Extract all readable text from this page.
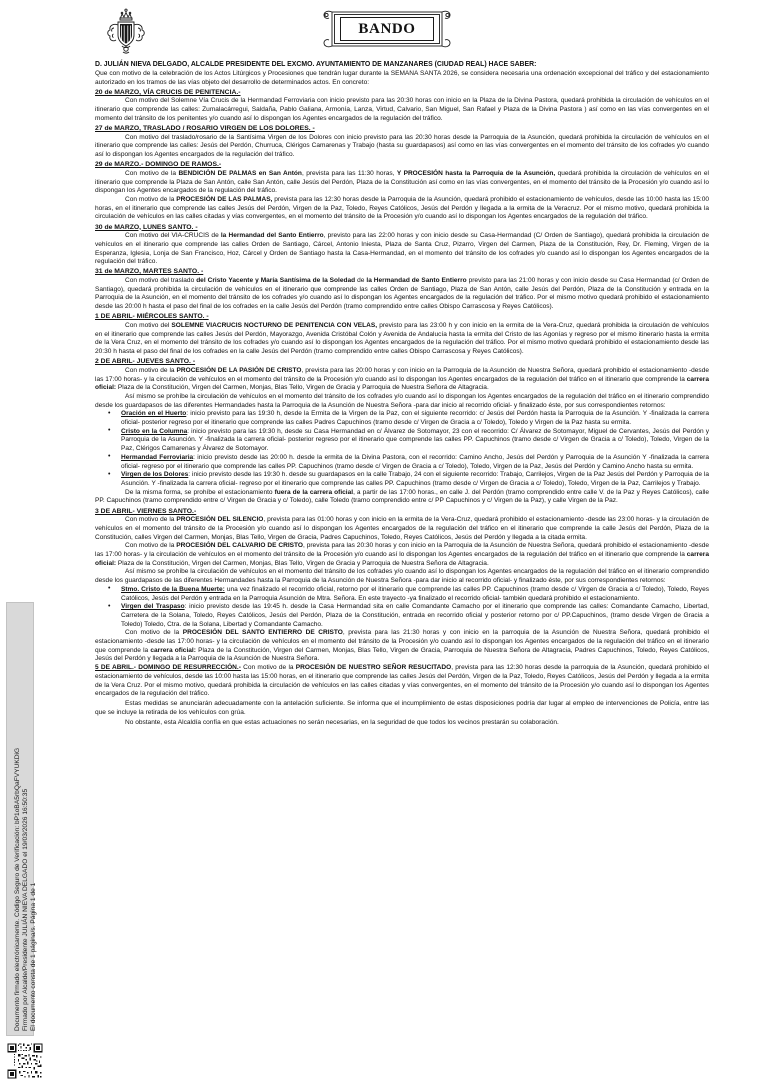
Documento firmado electrónicamente. Código Seguro de Verificación: bP1oBA5rbQaFVYUKDiG Firmado por Alcalde/Presidente JULIÁN NIEVA DELGADO el 19/03/2026 16:50:35 El documento consta de 1 página/s. Página 1 de 1
BANDO

D. JULIÁN NIEVA DELGADO, ALCALDE PRESIDENTE DEL EXCMO. AYUNTAMIENTO DE MANZANARES (CIUDAD REAL) HACE SABER:

Que con motivo de la celebración de los Actos Litúrgicos y Procesiones que tendrán lugar durante la SEMANA SANTA 2026, se considera necesaria una ordenación excepcional del tráfico y del estacionamiento autorizado en los tramos de las vías objeto del desarrollo de determinados actos. En concreto:

20 de MARZO, VÍA CRUCIS DE PENITENCIA.-

Con motivo del Solemne Vía Crucis de la Hermandad Ferroviaria con inicio previsto para las 20:30 horas con inicio en la Plaza de la Divina Pastora, quedará prohibida la circulación de vehículos en el itinerario que comprende las calles: Zumalacárregui, Saldaña, Pablo Galiana, Armonía, Lanza, Virtud, Calvario, San Miguel, San Rafael y Plaza de la Divina Pastora ) así como en las vías convergentes en el momento del tránsito de los penitentes y/o cuando así lo dispongan los Agentes encargados de la regulación del tráfico.

27 de MARZO, TRASLADO / ROSARIO VIRGEN DE LOS DOLORES. -

Con motivo del traslado/rosario de la Santísima Virgen de los Dolores con inicio previsto para las 20:30 horas desde la Parroquia de la Asunción, quedará prohibida la circulación de vehículos en el itinerario que comprende las calles: Jesús del Perdón, Churruca, Clérigos Camarenas y Trabajo (hasta su guardapasos) así como en las vías convergentes en el momento del tránsito de los cofrades y/o cuando así lo dispongan los Agentes encargados de la regulación del tráfico.

29 de MARZO.- DOMINGO DE RAMOS.-

Con motivo de la BENDICIÓN DE PALMAS en San Antón, prevista para las 11:30 horas, Y PROCESIÓN hasta la Parroquia de la Asunción, quedará prohibida la circulación de vehículos en el itinerario que comprende la Plaza de San Antón, calle San Antón, calle Jesús del Perdón, Plaza de la Constitución así como en las vías convergentes, en el momento del tránsito de la Procesión y/o cuando así lo dispongan los Agentes encargados de la regulación del tráfico.

Con motivo de la PROCESIÓN DE LAS PALMAS, prevista para las 12:30 horas desde la Parroquia de la Asunción, quedará prohibido el estacionamiento de vehículos, desde las 10:00 hasta las 15:00 horas, en el itinerario que comprende las calles Jesús del Perdón, Virgen de la Paz, Toledo, Reyes Católicos, Jesús del Perdón y llegada a la ermita de la Veracruz. Por el mismo motivo, quedará prohibida la circulación de vehículos en las calles citadas y vías convergentes, en el momento del tránsito de la Procesión y/o cuando así lo dispongan los Agentes encargados de la regulación del tráfico.

30 de MARZO, LUNES SANTO. -

Con motivo del VIA-CRUCIS de la Hermandad del Santo Entierro, previsto para las 22:00 horas y con inicio desde su Casa-Hermandad (C/ Orden de Santiago), quedará prohibida la circulación de vehículos en el itinerario que comprende las calles Orden de Santiago, Cárcel, Antonio Iniesta, Plaza de Santa Cruz, Pizarro, Virgen del Carmen, Plaza de la Constitución, Rey, Dr. Fleming, Virgen de la Esperanza, Iglesia, Lonja de San Francisco, Hoz, Cárcel y Orden de Santiago hasta la Casa-Hermandad, en el momento del tránsito de los cofrades y/o cuando así lo dispongan los Agentes encargados de la regulación del tráfico.

31 de MARZO, MARTES SANTO. -

Con motivo del traslado del Cristo Yacente y María Santísima de la Soledad de la Hermandad de Santo Entierro previsto para las 21:00 horas y con inicio desde su Casa Hermandad (c/ Orden de Santiago), quedará prohibida la circulación de vehículos en el itinerario que comprende las calles Orden de Santiago, Plaza de San Antón, calle Jesús del Perdón, Plaza de la Constitución y entrada en la Parroquia de la Asunción, en el momento del tránsito de los cofrades y/o cuando así lo dispongan los Agentes encargados de la regulación del tráfico. Por el mismo motivo quedará prohibido el estacionamiento desde las 20:00 h hasta el paso del final de los cofrades en la calle Jesús del Perdón (tramo comprendido entre calles Obispo Carrascosa y Reyes Católicos).

1 DE ABRIL- MIÉRCOLES SANTO. -

Con motivo del SOLEMNE VIACRUCIS NOCTURNO DE PENITENCIA CON VELAS, previsto para las 23:00 h y con inicio en la ermita de la Vera-Cruz, quedará prohibida la circulación de vehículos en el itinerario que comprende las calles Jesús del Perdón, Mayorazgo, Avenida Cristóbal Colón y Avenida de Andalucía hasta la ermita del Cristo de las Agonías y regreso por el mismo itinerario hasta la ermita de la Vera Cruz, en el momento del tránsito de los cofrades y/o cuando así lo dispongan los Agentes encargados de la regulación del tráfico. Por el mismo motivo quedará prohibido el estacionamiento desde las 20:30 h hasta el paso del final de los cofrades en la calle Jesús del Perdón (tramo comprendido entre calles Obispo Carrascosa y Reyes Católicos).

2 DE ABRIL- JUEVES SANTO. -

Con motivo de la PROCESIÓN DE LA PASIÓN DE CRISTO, prevista para las 20:00 horas y con inicio en la Parroquia de la Asunción de Nuestra Señora, quedará prohibido el estacionamiento -desde las 17:00 horas- y la circulación de vehículos en el momento del tránsito de la Procesión y/o cuando así lo dispongan los Agentes encargados de la regulación del tráfico en el itinerario que comprende la carrera oficial: Plaza de la Constitución, Virgen del Carmen, Monjas, Blas Tello, Virgen de Gracia y Parroquia de Nuestra Señora de Altagracia.

Así mismo se prohíbe la circulación de vehículos en el momento del tránsito de los cofrades y/o cuando así lo dispongan los Agentes encargados de la regulación del tráfico en el itinerario comprendido desde los guardapasos de las diferentes Hermandades hasta la Parroquia de la Asunción de Nuestra Señora -para dar inicio al recorrido oficial- y finalizado éste, por sus correspondientes retornos:

• Oración en el Huerto: inicio previsto para las 19:30 h, desde la Ermita de la Virgen de la Paz, con el siguiente recorrido: c/ Jesús del Perdón hasta la Parroquia de la Asunción. Y -finalizada la carrera oficial- posterior regreso por el itinerario que comprende las calles Padres Capuchinos (tramo desde c/ Virgen de Gracia a c/ Toledo), Toledo y Virgen de la Paz hasta su ermita.
• Cristo en la Columna: inicio previsto para las 19:30 h, desde su Casa Hermandad en c/ Álvarez de Sotomayor, 23 con el recorrido: C/ Álvarez de Sotomayor, Miguel de Cervantes, Jesús del Perdón y Parroquia de la Asunción. Y -finalizada la carrera oficial- posterior regreso por el itinerario que comprende las calles PP. Capuchinos (tramo desde c/ Virgen de Gracia a c/ Toledo), Toledo, Virgen de la Paz, Clérigos Camarenas y Álvarez de Sotomayor.
• Hermandad Ferroviaria: inicio previsto desde las 20:00 h. desde la ermita de la Divina Pastora, con el recorrido: Camino Ancho, Jesús del Perdón y Parroquia de la Asunción Y -finalizada la carrera oficial- regreso por el itinerario que comprende las calles PP. Capuchinos (tramo desde c/ Virgen de Gracia a c/ Toledo), Toledo, Virgen de la Paz, Jesús del Perdón y Camino Ancho hasta su ermita.
• Virgen de los Dolores: inicio previsto desde las 19:30 h. desde su guardapasos en la calle Trabajo, 24 con el siguiente recorrido: Trabajo, Carrilejos, Virgen de la Paz Jesús del Perdón y Parroquia de la Asunción. Y -finalizada la carrera oficial- regreso por el itinerario que comprende las calles PP. Capuchinos (tramo desde c/ Virgen de Gracia a c/ Toledo), Toledo, Virgen de la Paz, Carrilejos y Trabajo.

De la misma forma, se prohíbe el estacionamiento fuera de la carrera oficial, a partir de las 17:00 horas., en calle J. del Perdón (tramo comprendido entre calle V. de la Paz y Reyes Católicos), calle PP. Capuchinos (tramo comprendido entre c/ Virgen de Gracia y c/ Toledo), calle Toledo (tramo comprendido entre c/ PP Capuchinos y c/ Virgen de la Paz), y calle Virgen de la Paz.

3 DE ABRIL- VIERNES SANTO.-

Con motivo de la PROCESIÓN DEL SILENCIO, prevista para las 01:00 horas y con inicio en la ermita de la Vera-Cruz, quedará prohibido el estacionamiento -desde las 23:00 horas- y la circulación de vehículos en el momento del tránsito de la Procesión y/o cuando así lo dispongan los Agentes encargados de la regulación del tráfico en el itinerario que comprende la calle Jesús del Perdón, Plaza de la Constitución, calles Virgen del Carmen, Monjas, Blas Tello, Virgen de Gracia, Padres Capuchinos, Toledo, Reyes Católicos, Jesús del Perdón y llegada a la citada ermita.

Con motivo de la PROCESIÓN DEL CALVARIO DE CRISTO, prevista para las 20:30 horas y con inicio en la Parroquia de la Asunción de Nuestra Señora, quedará prohibido el estacionamiento -desde las 17:00 horas- y la circulación de vehículos en el momento del tránsito de la Procesión y/o cuando así lo dispongan los Agentes encargados de la regulación del tráfico en el itinerario que comprende la carrera oficial: Plaza de la Constitución, Virgen del Carmen, Monjas, Blas Tello, Virgen de Gracia y Parroquia de Nuestra Señora de Altagracia.

Así mismo se prohíbe la circulación de vehículos en el momento del tránsito de los cofrades y/o cuando así lo dispongan los Agentes encargados de la regulación del tráfico en el itinerario comprendido desde los guardapasos de las diferentes Hermandades hasta la Parroquia de la Asunción de Nuestra Señora -para dar inicio al recorrido oficial- y finalizado éste, por sus correspondientes retornos:

• Stmo. Cristo de la Buena Muerte: una vez finalizado el recorrido oficial, retorno por el itinerario que comprende las calles PP. Capuchinos (tramo desde c/ Virgen de Gracia a c/ Toledo), Toledo, Reyes Católicos, Jesús del Perdón y entrada en la Parroquia Asunción de Mtra. Señora. En este trayecto -ya finalizado el recorrido oficial- también quedará prohibido el estacionamiento.
• Virgen del Traspaso: inicio previsto desde las 19:45 h. desde la Casa Hermandad sita en calle Comandante Camacho por el itinerario que comprende las calles: Comandante Camacho, Libertad, Carretera de la Solana, Toledo, Reyes Católicos, Jesús del Perdón, Plaza de la Constitución, entrada en recorrido oficial y posterior retorno por c/ PP.Capuchinos, (tramo desde Virgen de Gracia a Toledo) Toledo, Ctra. de la Solana, Libertad y Comandante Camacho.

Con motivo de la PROCESIÓN DEL SANTO ENTIERRO DE CRISTO, prevista para las 21:30 horas y con inicio en la parroquia de la Asunción de Nuestra Señora, quedará prohibido el estacionamiento -desde las 17:00 horas- y la circulación de vehículos en el momento del tránsito de la Procesión y/o cuando así lo dispongan los Agentes encargados de la regulación del tráfico en el itinerario que comprende la carrera oficial: Plaza de la Constitución, Virgen del Carmen, Monjas, Blas Tello, Virgen de Gracia, Parroquia de Nuestra Señora de Altagracia, Padres Capuchinos, Toledo, Reyes Católicos, Jesús del Perdón y llegada a la Parroquia de la Asunción de Nuestra Señora.

5 DE ABRIL.- DOMINGO DE RESURRECCIÓN.- Con motivo de la PROCESIÓN DE NUESTRO SEÑOR RESUCITADO, prevista para las 12:30 horas desde la parroquia de la Asunción, quedará prohibido el estacionamiento de vehículos, desde las 10:00 hasta las 15:00 horas, en el itinerario que comprende las calles Jesús del Perdón, Virgen de la Paz, Toledo, Reyes Católicos, Jesús del Perdón y llegada a la ermita de la Vera Cruz. Por el mismo motivo, quedará prohibida la circulación de vehículos en las calles citadas y vías convergentes, en el momento del tránsito de la Procesión y/o cuando así lo dispongan los Agentes encargados de la regulación del tráfico.

Estas medidas se anunciarán adecuadamente con la antelación suficiente. Se informa que el incumplimiento de estas disposiciones podría dar lugar al empleo de intervenciones de Policía, entre las que se incluye la retirada de los vehículos con grúa.

No obstante, esta Alcaldía confía en que estas actuaciones no serán necesarias, en la seguridad de que todos los vecinos prestarán su colaboración.
